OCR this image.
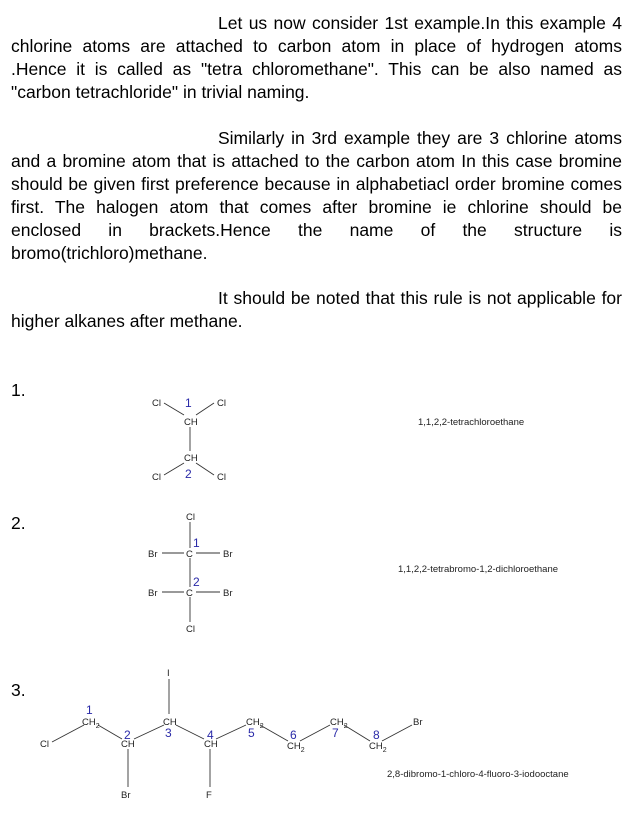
Let us now consider 1st example.In this example 4 chlorine atoms are attached to carbon atom in place of hydrogen atoms .Hence it is called as "tetra chloromethane". This can be also named as "carbon tetrachloride" in trivial naming.
Similarly in 3rd example they are 3 chlorine atoms and a bromine atom that is attached to the carbon atom In this case bromine should be given first preference because in alphabetiacl order bromine comes first. The halogen atom that comes after bromine ie chlorine should be enclosed in brackets.Hence the name of the structure is bromo(trichloro)methane.
It should be noted that this rule is not applicable for higher alkanes after methane.
1.
2.
3.
Cl 1	Cl
CH
CH
Cl 2	Cl
1,1,2,2-tetrachloroethane
Cl
1
Br	C	Br
2
Br	C	Br
Cl
1,1,2,2-tetrabromo-1,2-dichloroethane
Cl
1
$CH_2$
2
CH
Br
I
CH
3	4
CH
F
$CH_2$
5	6
$CH_2$
$CH_2$
7	8
$CH_2$
Br
2,8-dibromo-1-chloro-4-fluoro-3-iodooctane
